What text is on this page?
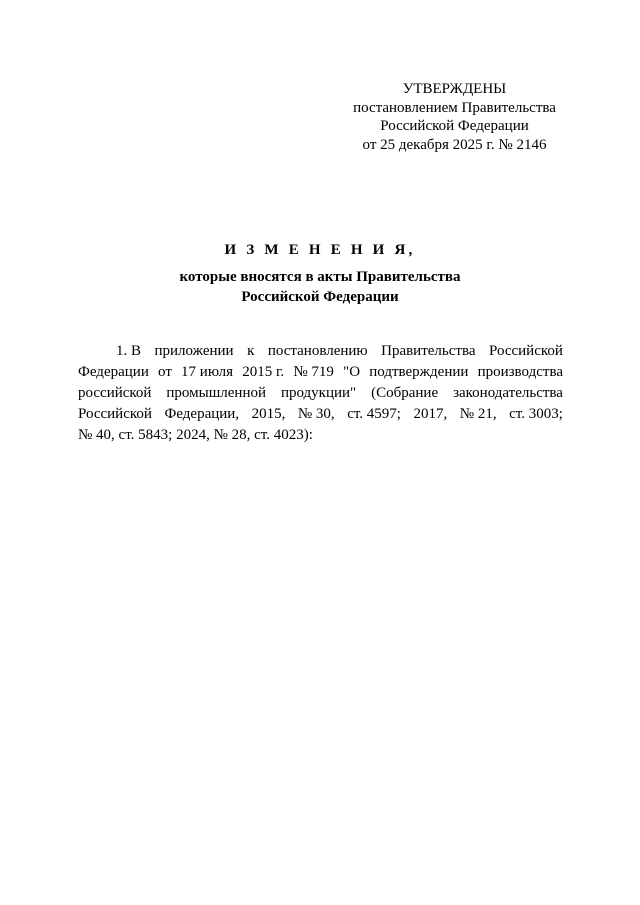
УТВЕРЖДЕНЫ
постановлением Правительства
Российской Федерации
от 25 декабря 2025 г. № 2146
И З М Е Н Е Н И Я,
которые вносятся в акты Правительства
Российской Федерации
1. В приложении к постановлению Правительства Российской
Федерации от 17 июля 2015 г. № 719 "О подтверждении производства
российской промышленной продукции" (Собрание законодательства
Российской Федерации, 2015, № 30, ст. 4597; 2017, № 21, ст. 3003;
№ 40, ст. 5843; 2024, № 28, ст. 4023):
